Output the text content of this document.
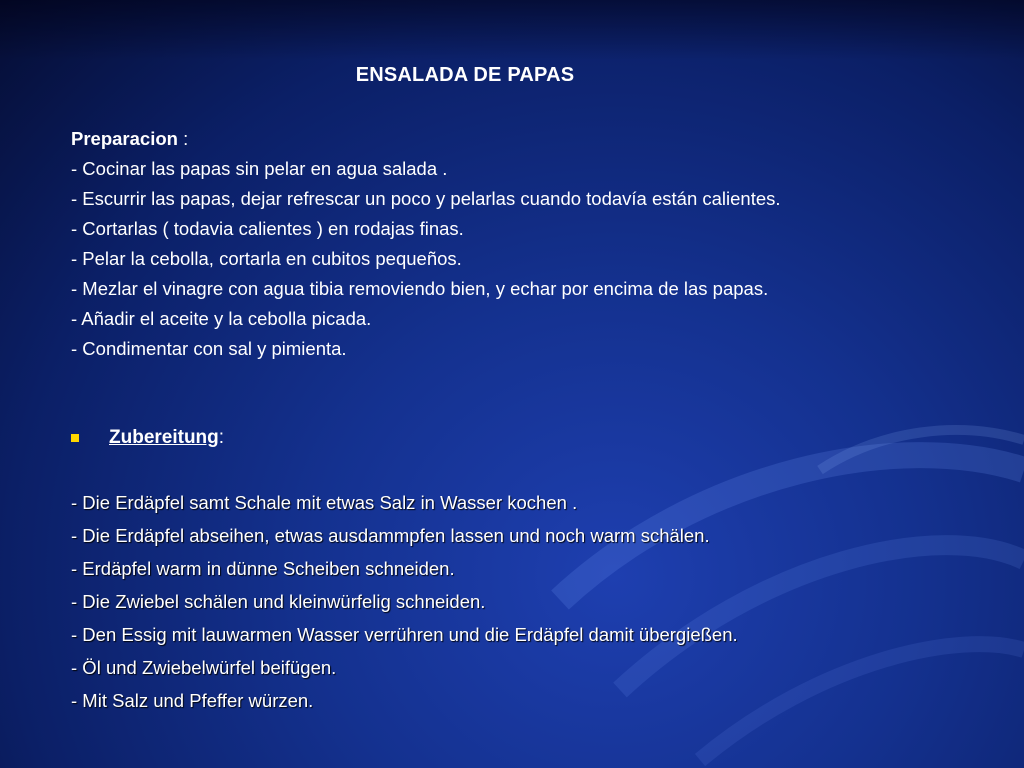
ENSALADA DE PAPAS
Preparacion :
- Cocinar las papas sin pelar en agua salada .
- Escurrir las papas, dejar refrescar un poco y pelarlas cuando todavía están calientes.
- Cortarlas ( todavia calientes ) en rodajas finas.
- Pelar la cebolla, cortarla en cubitos pequeños.
- Mezlar el vinagre con agua tibia removiendo bien, y echar por encima de las papas.
- Añadir el aceite y la cebolla picada.
- Condimentar con sal y pimienta.
Zubereitung :
- Die Erdäpfel samt Schale mit etwas Salz in Wasser kochen .
- Die Erdäpfel abseihen, etwas ausdammpfen lassen und noch warm schälen.
- Erdäpfel warm in dünne Scheiben schneiden.
- Die Zwiebel schälen und kleinwürfelig schneiden.
- Den Essig mit lauwarmen Wasser verrühren und die Erdäpfel damit übergießen.
- Öl und Zwiebelwürfel beifügen.
- Mit Salz und Pfeffer würzen.
